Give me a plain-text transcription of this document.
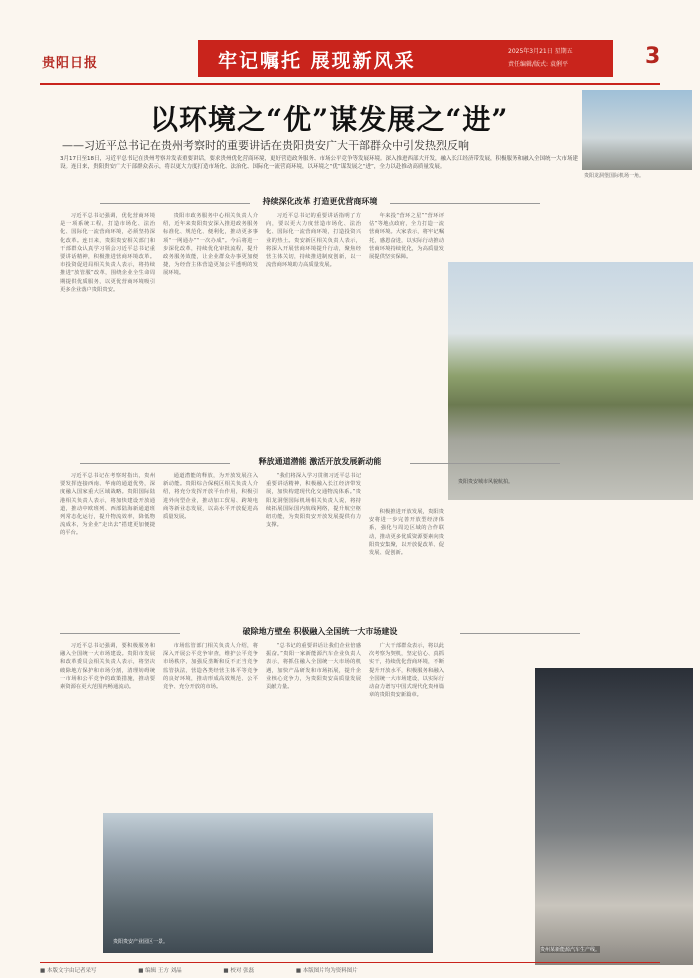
贵阳日报	牢记嘱托 展现新风采	2025年3月21日 星期五
责任编辑/版式: 袁俐平	3
以环境之“优”谋发展之“进”
——习近平总书记在贵州考察时的重要讲话在贵阳贵安广大干部群众中引发热烈反响
3月17日至18日，习近平总书记在贵州考察并发表重要讲话，要求贵州优化营商环境，更好营造政务服务、市场公平竞争等发展环境。深入推进西部大开发，融入长江经济带发展，积极服务和融入全国统一大市场建设。连日来，贵阳贵安广大干部群众表示，将以更大力度打造市场化、法治化、国际化一流营商环境，以环境之“优”谋发展之“进”，全力以赴推动高质量发展。
贵阳龙洞堡国际机场一角。
持续深化改革 打造更优营商环境

习近平总书记强调，优化营商环境是一项系统工程，打造市场化、法治化、国际化一流营商环境，必须坚持深化改革。连日来，贵阳贵安相关部门和干部群众认真学习领会习近平总书记重要讲话精神，积极推进营商环境改革。市投资促进局相关负责人表示，将持续推进“放管服”改革，围绕企业全生命周期提供优质服务，以更优营商环境吸引更多企业落户贵阳贵安。

贵阳市政务服务中心相关负责人介绍，近年来贵阳贵安深入推进政务服务标准化、规范化、便利化，推动更多事项“一网通办”“一次办成”。今后将进一步深化改革，持续优化审批流程，提升政务服务效能，让企业群众办事更加便捷，为经营主体营造更加公平透明的发展环境。

习近平总书记的重要讲话指明了方向，要以更大力度营造市场化、法治化、国际化一流营商环境，打造投资兴业的热土。贵安新区相关负责人表示，将深入开展营商环境提升行动，聚焦经营主体关切，持续推进制度创新，以一流营商环境助力高质量发展。

年来投“营环之星”“营环评估”等地点政府，全力打造一流营商环境。大家表示，将牢记嘱托，感恩奋进，以实际行动推动营商环境持续优化，为高质量发展提供坚实保障。

贵阳贵安城市风貌航拍。
释放通道潜能 激活开放发展新动能

习近平总书记在考察时指出，贵州要发挥连接西南、华南的通道优势，深度融入国家重大区域战略。贵阳国际陆港相关负责人表示，将加快建设开放通道，推动中欧班列、西部陆海新通道班列常态化运行，提升物流效率，降低物流成本，为企业“走出去”搭建更加便捷的平台。

通道潜能的释放，为开放发展注入新动能。贵阳综合保税区相关负责人介绍，将充分发挥开放平台作用，积极引进外向型企业，推动加工贸易、跨境电商等新业态发展，以高水平开放促进高质量发展。

“我们将深入学习贯彻习近平总书记重要讲话精神，积极融入长江经济带发展，加快构建现代化交通物流体系。”贵阳龙洞堡国际机场相关负责人说，将持续拓展国际国内航线网络，提升航空枢纽功能，为贵阳贵安开放发展提供有力支撑。

积极推进开放发展，贵阳贵安将进一步完善开放型经济体系，强化与周边区域的合作联动，推动更多优质资源要素向贵阳贵安集聚，以开放促改革、促发展、促创新。

破除地方壁垒 积极融入全国统一大市场建设

习近平总书记强调，要积极服务和融入全国统一大市场建设。贵阳市发展和改革委员会相关负责人表示，将坚决破除地方保护和市场分割，清理妨碍统一市场和公平竞争的政策措施，推动要素资源在更大范围内畅通流动。

市场监管部门相关负责人介绍，将深入开展公平竞争审查，维护公平竞争市场秩序，加强反垄断和反不正当竞争监管执法，营造各类经营主体平等竞争的良好环境，推动形成高效规范、公平竞争、充分开放的市场。

“总书记的重要讲话让我们企业倍感振奋。”贵阳一家新能源汽车企业负责人表示，将抓住融入全国统一大市场的机遇，加快产品研发和市场拓展，提升企业核心竞争力，为贵阳贵安高质量发展贡献力量。

广大干部群众表示，将以此次考察为契机，坚定信心、真抓实干，持续优化营商环境，不断提升开放水平，积极服务和融入全国统一大市场建设，以实际行动奋力谱写中国式现代化贵州篇章的贵阳贵安新篇章。

贵阳贵安产业园区一景。
贵州某新能源汽车生产线。
■ 本版文字由记者采写	■ 编辑 王方 刘晶	■ 校对 张磊	■ 本版图片均为资料图片
